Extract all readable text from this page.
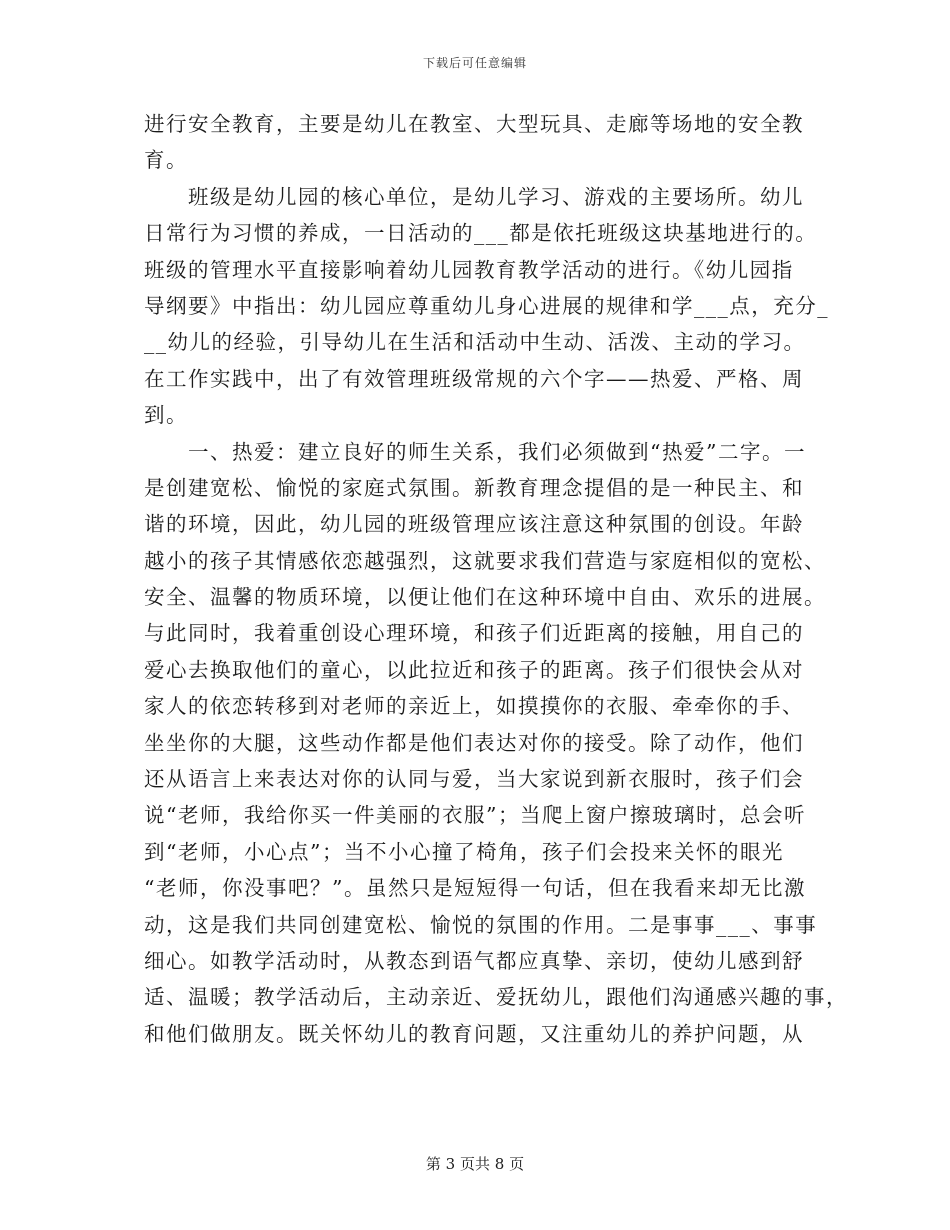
下载后可任意编辑
进行安全教育，主要是幼儿在教室、大型玩具、走廊等场地的安全教
育。
　　班级是幼儿园的核心单位，是幼儿学习、游戏的主要场所。幼儿
日常行为习惯的养成，一日活动的___都是依托班级这块基地进行的。
班级的管理水平直接影响着幼儿园教育教学活动的进行。《幼儿园指
导纲要》中指出：幼儿园应尊重幼儿身心进展的规律和学___点，充分_
__幼儿的经验，引导幼儿在生活和活动中生动、活泼、主动的学习。
在工作实践中，出了有效管理班级常规的六个字——热爱、严格、周
到。
　　一、热爱：建立良好的师生关系，我们必须做到“热爱”二字。一
是创建宽松、愉悦的家庭式氛围。新教育理念提倡的是一种民主、和
谐的环境，因此，幼儿园的班级管理应该注意这种氛围的创设。年龄
越小的孩子其情感依恋越强烈，这就要求我们营造与家庭相似的宽松、
安全、温馨的物质环境，以便让他们在这种环境中自由、欢乐的进展。
与此同时，我着重创设心理环境，和孩子们近距离的接触，用自己的
爱心去换取他们的童心，以此拉近和孩子的距离。孩子们很快会从对
家人的依恋转移到对老师的亲近上，如摸摸你的衣服、牵牵你的手、
坐坐你的大腿，这些动作都是他们表达对你的接受。除了动作，他们
还从语言上来表达对你的认同与爱，当大家说到新衣服时，孩子们会
说“老师，我给你买一件美丽的衣服”；当爬上窗户擦玻璃时，总会听
到“老师，小心点”；当不小心撞了椅角，孩子们会投来关怀的眼光
“老师，你没事吧？”。虽然只是短短得一句话，但在我看来却无比激
动，这是我们共同创建宽松、愉悦的氛围的作用。二是事事___、事事
细心。如教学活动时，从教态到语气都应真挚、亲切，使幼儿感到舒
适、温暖；教学活动后，主动亲近、爱抚幼儿，跟他们沟通感兴趣的事，
和他们做朋友。既关怀幼儿的教育问题，又注重幼儿的养护问题，从
第 3 页共 8 页
